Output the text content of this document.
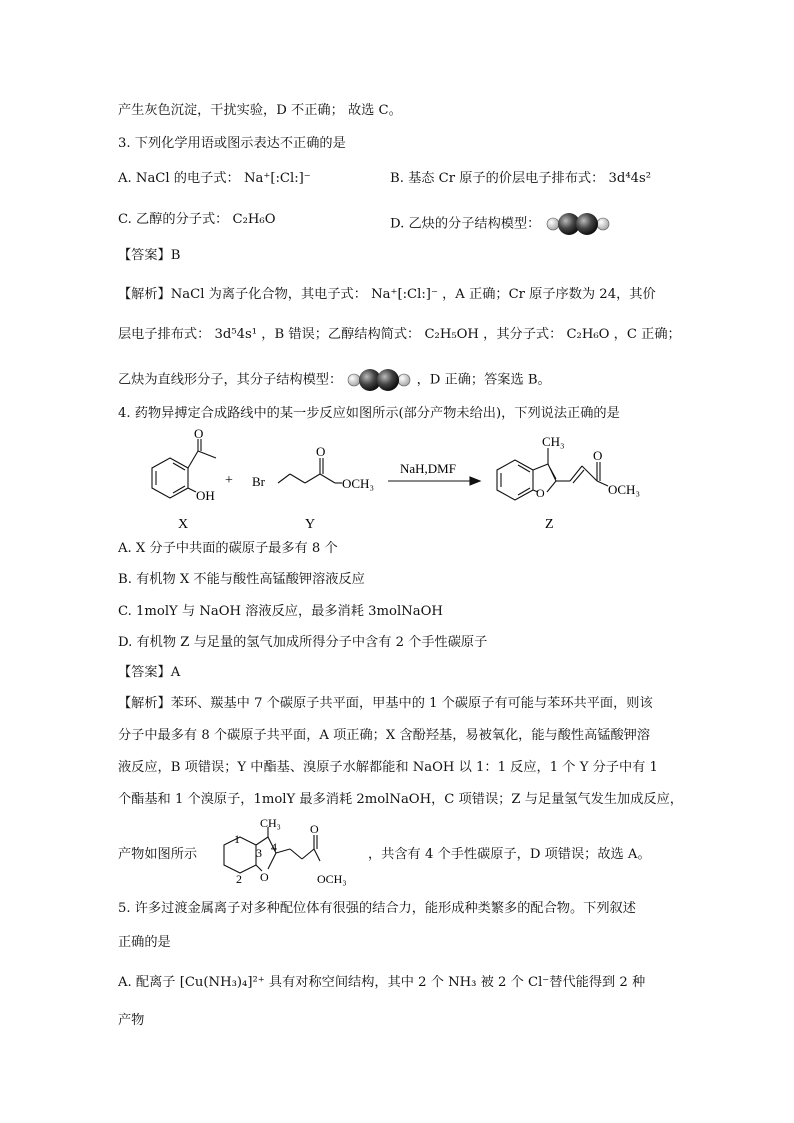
产生灰色沉淀，干扰实验，D 不正确； 故选 C。
3. 下列化学用语或图示表达不正确的是
A. NaCl 的电子式： Na⁺[:Cl:]⁻	B. 基态 Cr 原子的价层电子排布式： 3d⁴4s²
C. 乙醇的分子式： C₂H₆O	D. 乙炔的分子结构模型：
【答案】B
【解析】NaCl 为离子化合物，其电子式： Na⁺[:Cl:]⁻ ，A 正确；Cr 原子序数为 24，其价
层电子排布式： 3d⁵4s¹ ，B 错误；乙醇结构简式： C₂H₅OH ，其分子式： C₂H₆O ，C 正确；
乙炔为直线形分子，其分子结构模型：	，D 正确；答案选 B。
4. 药物异搏定合成路线中的某一步反应如图所示(部分产物未给出)，下列说法正确的是
O
OH
+ Br
O
OCH₃
NaH,DMF
CH₃
O
O
OCH₃
X	Y	Z
A. X 分子中共面的碳原子最多有 8 个
B. 有机物 X 不能与酸性高锰酸钾溶液反应
C. 1molY 与 NaOH 溶液反应，最多消耗 3molNaOH
D. 有机物 Z 与足量的氢气加成所得分子中含有 2 个手性碳原子
【答案】A
【解析】苯环、羰基中 7 个碳原子共平面，甲基中的 1 个碳原子有可能与苯环共平面，则该
分子中最多有 8 个碳原子共平面，A 项正确；X 含酚羟基，易被氧化，能与酸性高锰酸钾溶
液反应，B 项错误；Y 中酯基、溴原子水解都能和 NaOH 以 1：1 反应，1 个 Y 分子中有 1
个酯基和 1 个溴原子，1molY 最多消耗 2molNaOH，C 项错误；Z 与足量氢气发生加成反应，
产物如图所示
CH₃
1
2
3 4
O
O
OCH₃
，共含有 4 个手性碳原子，D 项错误；故选 A。
5. 许多过渡金属离子对多种配位体有很强的结合力，能形成种类繁多的配合物。下列叙述
正确的是
A. 配离子 [Cu(NH₃)₄]²⁺ 具有对称空间结构，其中 2 个 NH₃ 被 2 个 Cl⁻替代能得到 2 种
产物
